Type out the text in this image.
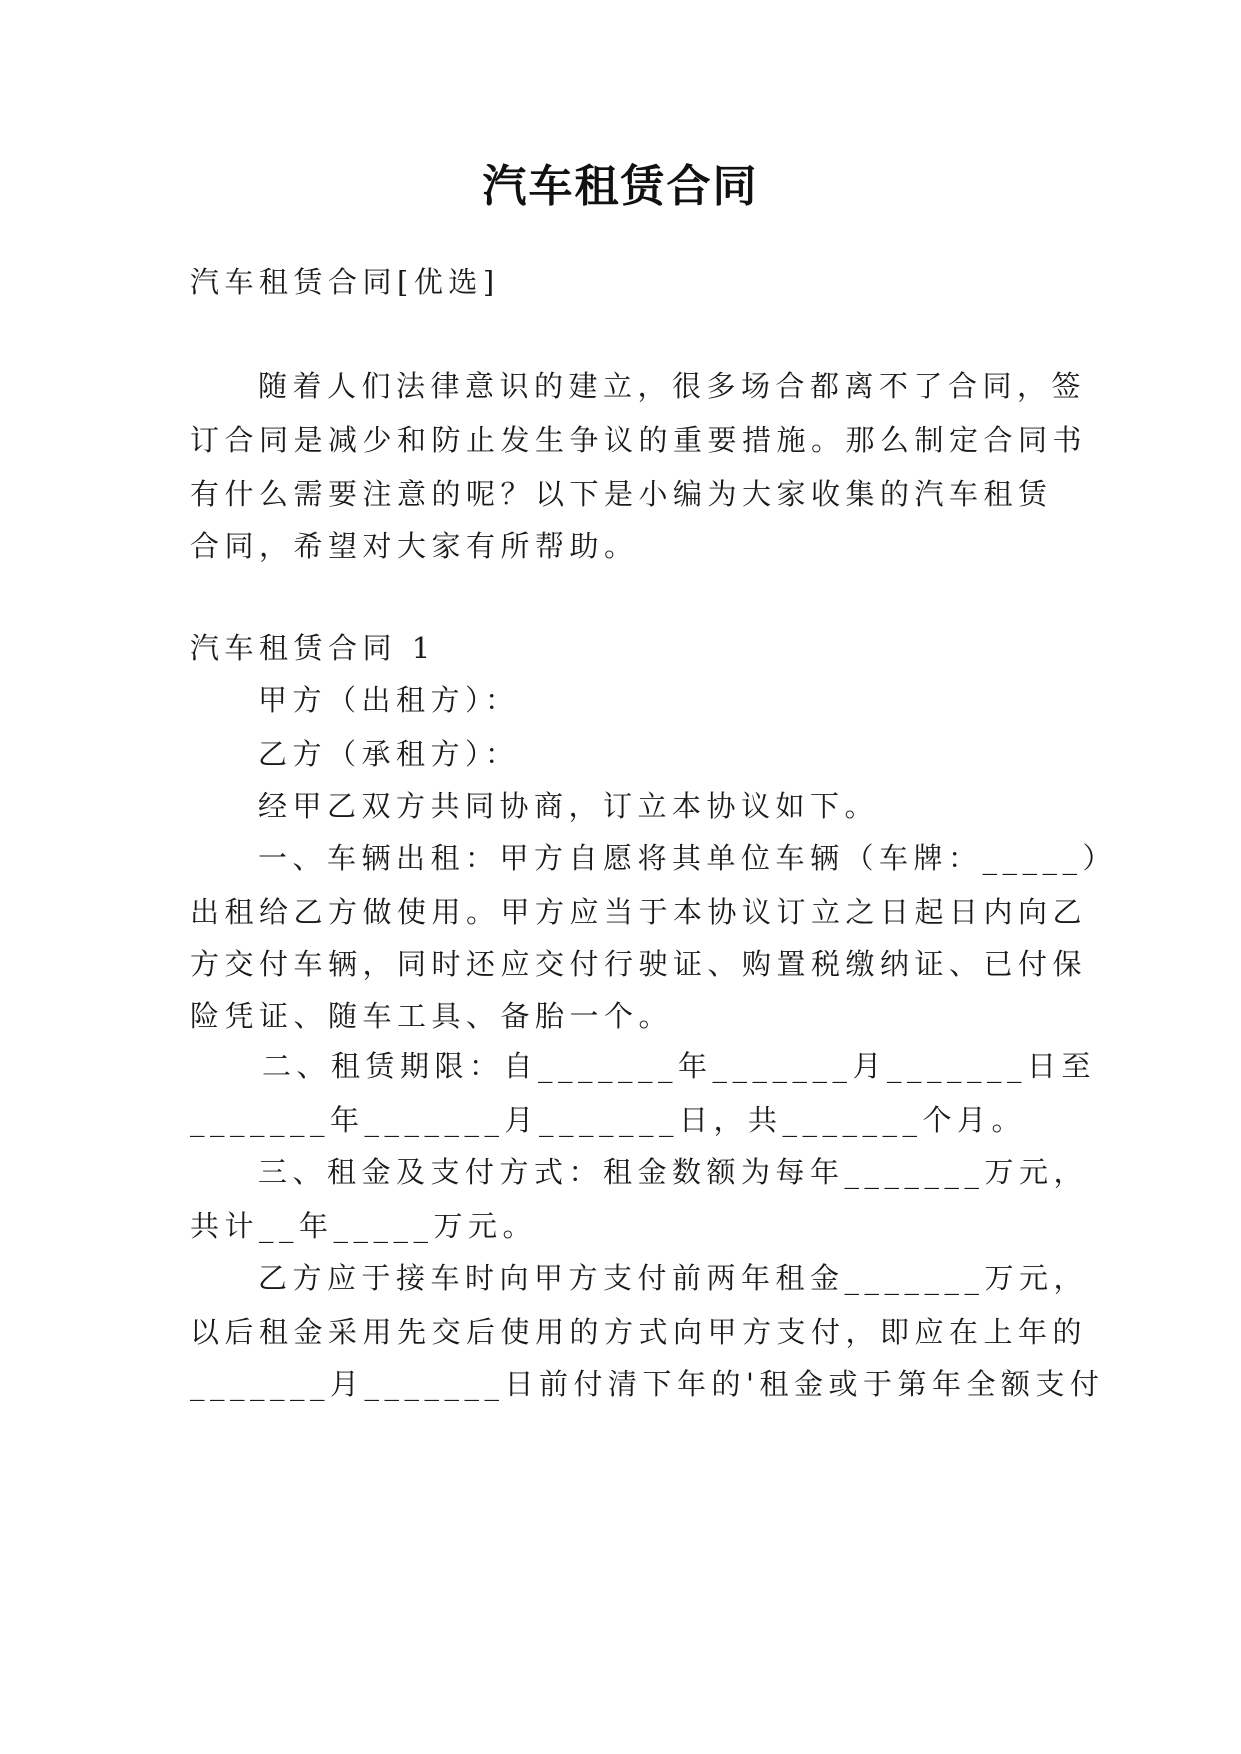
汽车租赁合同
汽车租赁合同[优选]
随着人们法律意识的建立，很多场合都离不了合同，签
订合同是减少和防止发生争议的重要措施。那么制定合同书
有什么需要注意的呢？以下是小编为大家收集的汽车租赁
合同，希望对大家有所帮助。
汽车租赁合同 1
甲方（出租方）：
乙方（承租方）：
经甲乙双方共同协商，订立本协议如下。
一、车辆出租：甲方自愿将其单位车辆（车牌：_____）
出租给乙方做使用。甲方应当于本协议订立之日起日内向乙
方交付车辆，同时还应交付行驶证、购置税缴纳证、已付保
险凭证、随车工具、备胎一个。
二、租赁期限：自_______年_______月_______日至
_______年_______月_______日，共_______个月。
三、租金及支付方式：租金数额为每年_______万元，
共计__年_____万元。
乙方应于接车时向甲方支付前两年租金_______万元，
以后租金采用先交后使用的方式向甲方支付，即应在上年的
_______月_______日前付清下年的'租金或于第年全额支付
